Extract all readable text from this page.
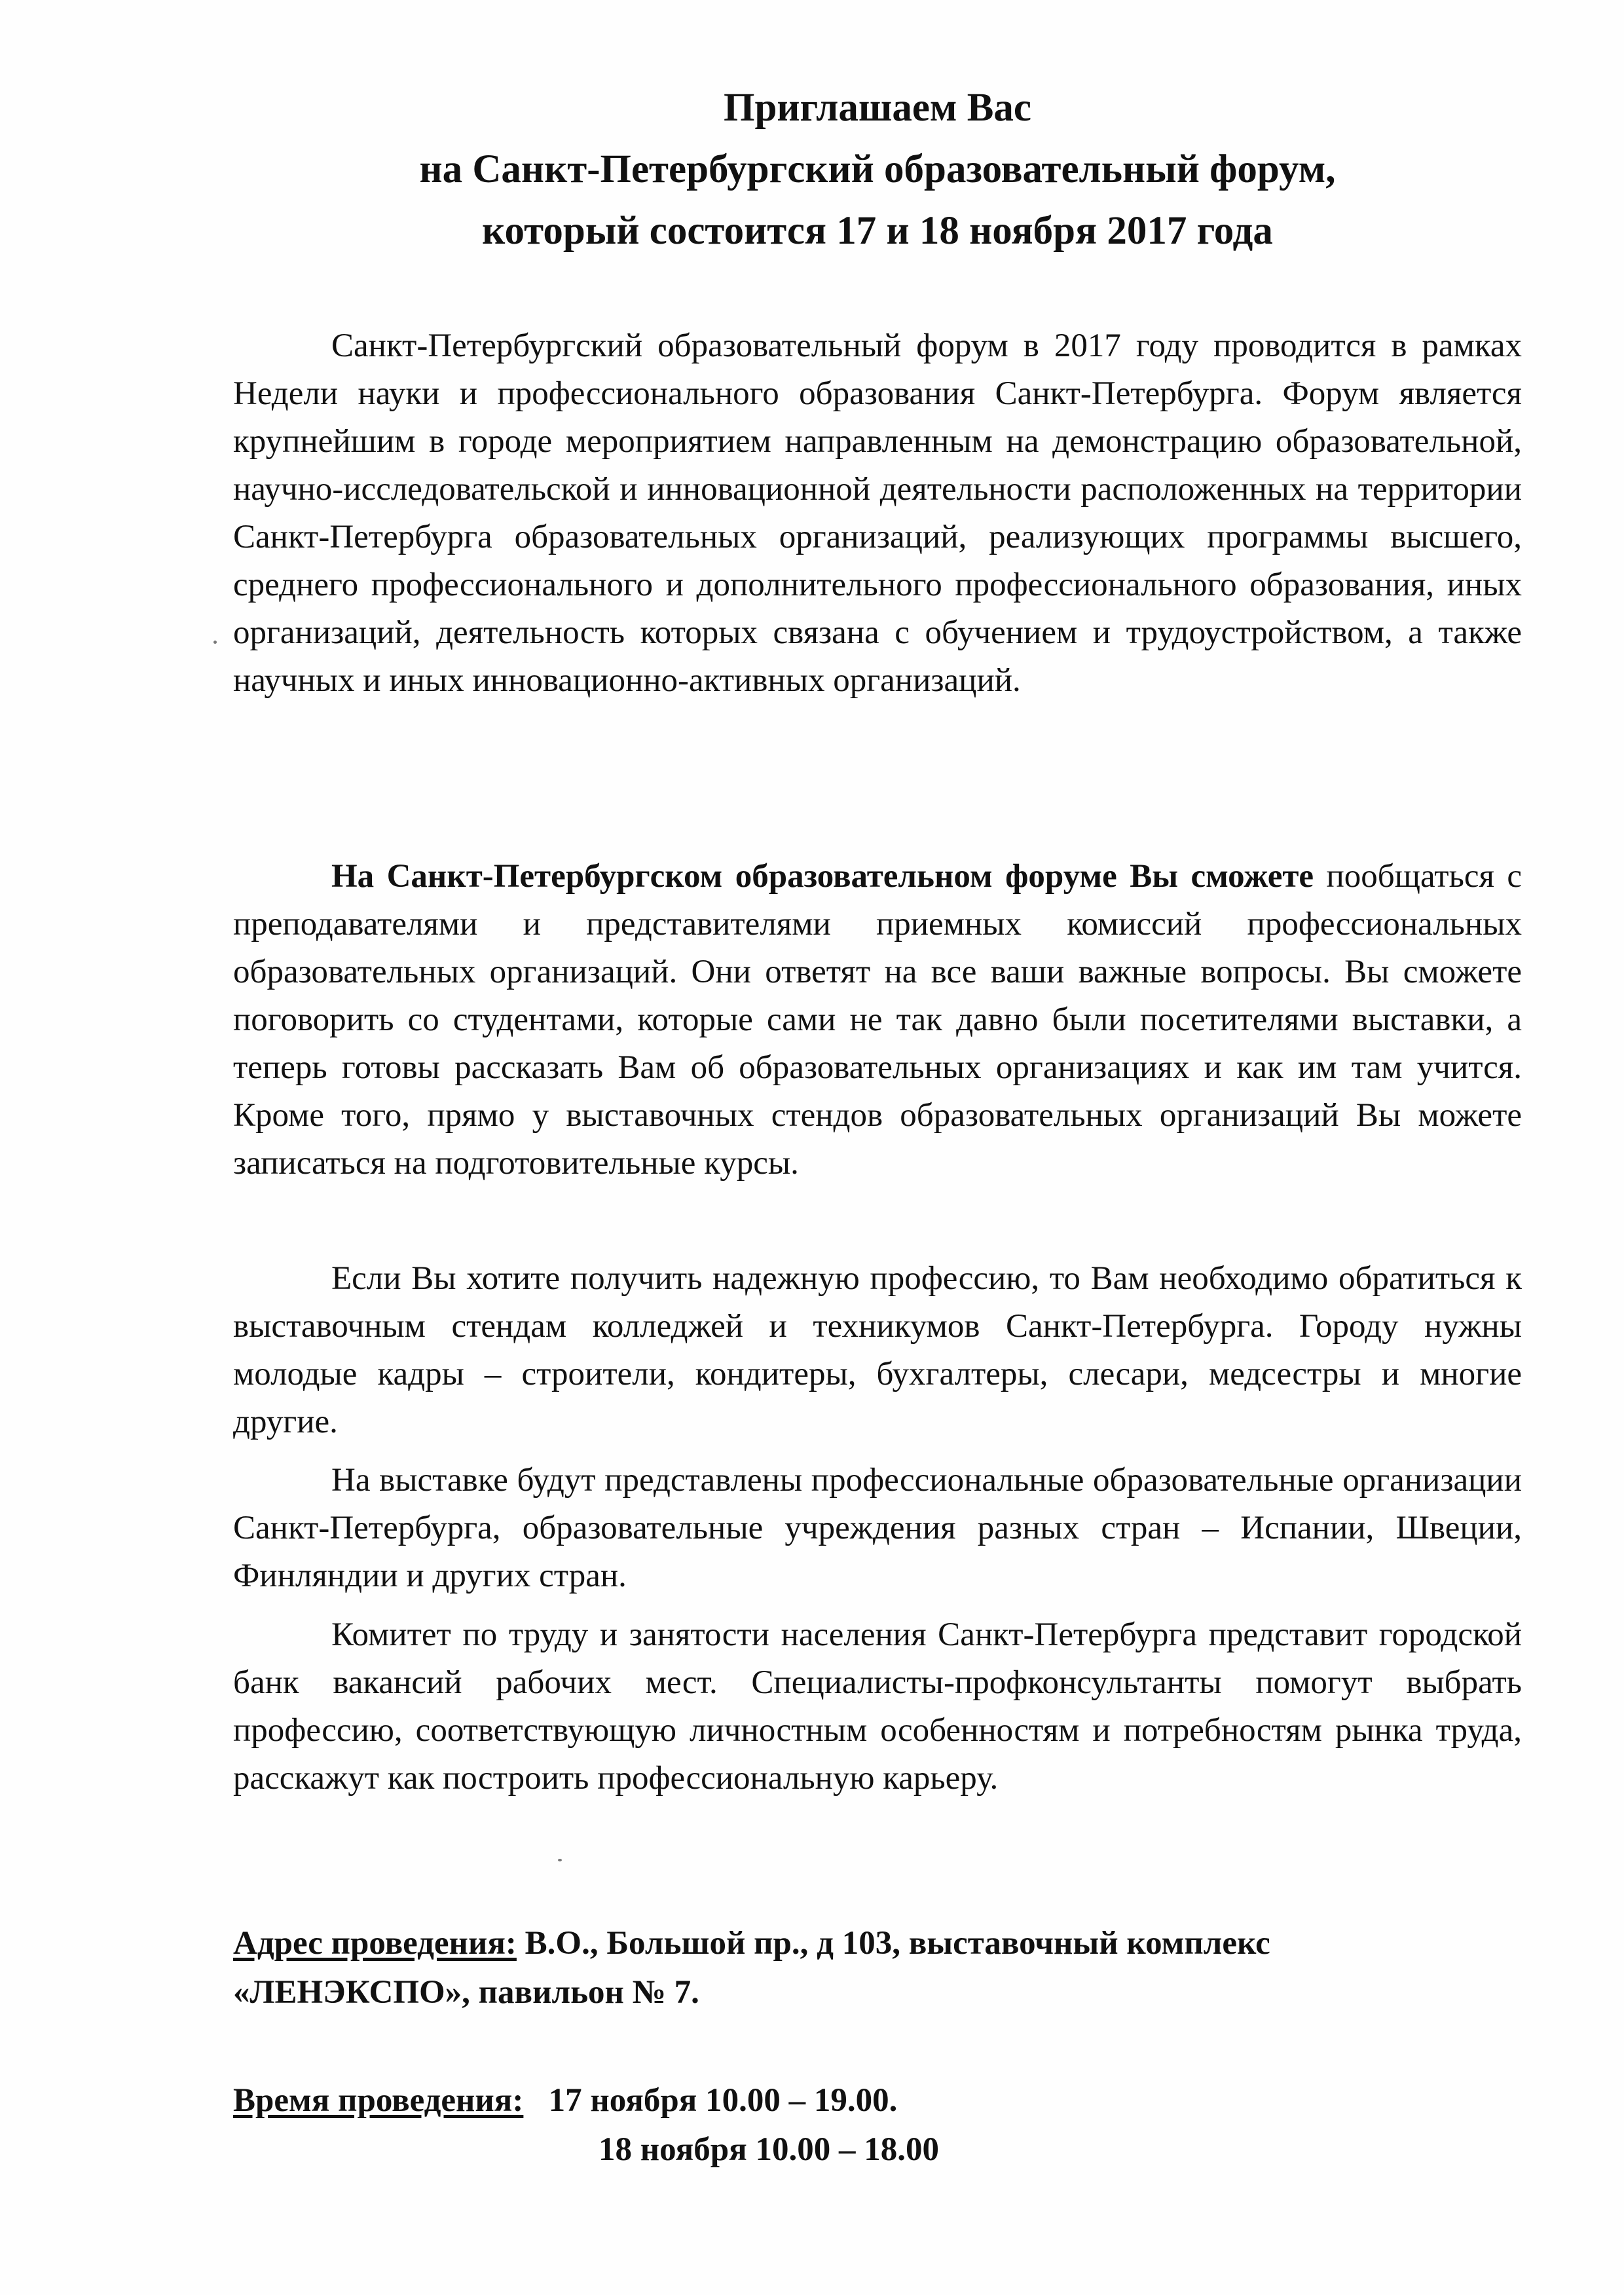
Приглашаем Вас
на Санкт-Петербургский образовательный форум,
который состоится 17 и 18 ноября 2017 года

Санкт-Петербургский образовательный форум в 2017 году проводится в рамках Недели науки и профессионального образования Санкт-Петербурга. Форум является крупнейшим в городе мероприятием направленным на демонстрацию образовательной, научно-исследовательской и инновационной деятельности расположенных на территории Санкт-Петербурга образовательных организаций, реализующих программы высшего, среднего профессионального и дополнительного профессионального образования, иных организаций, деятельность которых связана с обучением и трудоустройством, а также научных и иных инновационно-активных организаций.

На Санкт-Петербургском образовательном форуме Вы сможете пообщаться с преподавателями и представителями приемных комиссий профессиональных образовательных организаций. Они ответят на все ваши важные вопросы. Вы сможете поговорить со студентами, которые сами не так давно были посетителями выставки, а теперь готовы рассказать Вам об образовательных организациях и как им там учится. Кроме того, прямо у выставочных стендов образовательных организаций Вы можете записаться на подготовительные курсы.

Если Вы хотите получить надежную профессию, то Вам необходимо обратиться к выставочным стендам колледжей и техникумов Санкт-Петербурга. Городу нужны молодые кадры – строители, кондитеры, бухгалтеры, слесари, медсестры и многие другие.

На выставке будут представлены профессиональные образовательные организации Санкт-Петербурга, образовательные учреждения разных стран – Испании, Швеции, Финляндии и других стран.

Комитет по труду и занятости населения Санкт-Петербурга представит городской банк вакансий рабочих мест. Специалисты-профконсультанты помогут выбрать профессию, соответствующую личностным особенностям и потребностям рынка труда, расскажут как построить профессиональную карьеру.

Адрес проведения: В.О., Большой пр., д 103, выставочный комплекс
«ЛЕНЭКСПО», павильон № 7.
Время проведения: 17 ноября 10.00 – 19.00.
18 ноября 10.00 – 18.00
